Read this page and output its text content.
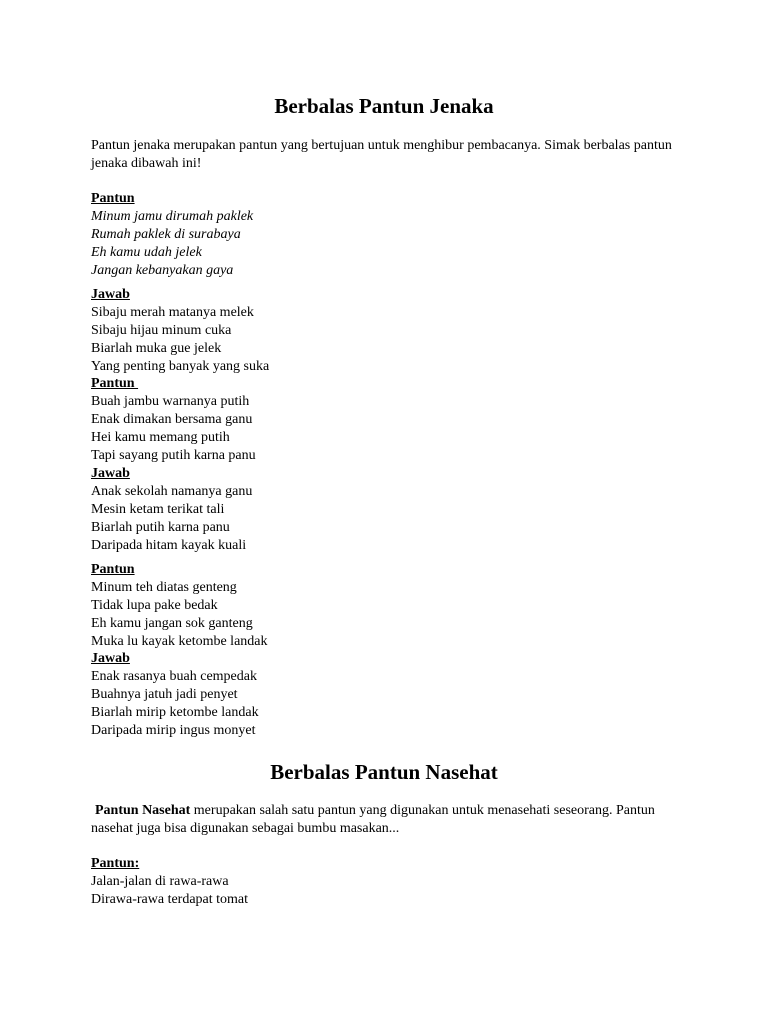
Berbalas Pantun Jenaka

Pantun jenaka merupakan pantun yang bertujuan untuk menghibur pembacanya. Simak berbalas pantun jenaka dibawah ini!

Pantun
Minum jamu dirumah paklek
Rumah paklek di surabaya
Eh kamu udah jelek
Jangan kebanyakan gaya
Jawab
Sibaju merah matanya melek
Sibaju hijau minum cuka
Biarlah muka gue jelek
Yang penting banyak yang suka
Pantun
Buah jambu warnanya putih
Enak dimakan bersama ganu
Hei kamu memang putih
Tapi sayang putih karna panu
Jawab
Anak sekolah namanya ganu
Mesin ketam terikat tali
Biarlah putih karna panu
Daripada hitam kayak kuali
Pantun
Minum teh diatas genteng
Tidak lupa pake bedak
Eh kamu jangan sok ganteng
Muka lu kayak ketombe landak
Jawab
Enak rasanya buah cempedak
Buahnya jatuh jadi penyet
Biarlah mirip ketombe landak
Daripada mirip ingus monyet
Berbalas Pantun Nasehat

Pantun Nasehat merupakan salah satu pantun yang digunakan untuk menasehati seseorang. Pantun nasehat juga bisa digunakan sebagai bumbu masakan...

Pantun:
Jalan-jalan di rawa-rawa
Dirawa-rawa terdapat tomat
